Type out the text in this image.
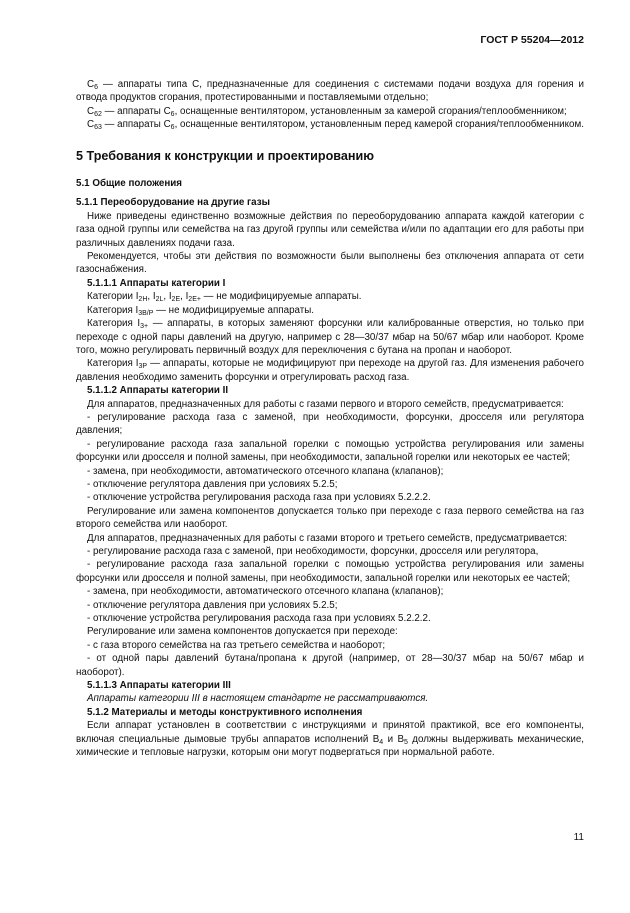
ГОСТ Р 55204—2012

$С_6$ — аппараты типа С, предназначенные для соединения с системами подачи воздуха для горения и отвода продуктов сгорания, протестированными и поставляемыми отдельно;

$С_{62}$ — аппараты $С_6$, оснащенные вентилятором, установленным за камерой сгорания/теплообменником;

$С_{63}$ — аппараты $С_6$, оснащенные вентилятором, установленным перед камерой сгорания/теплообменником.

5 Требования к конструкции и проектированию
5.1 Общие положения
5.1.1 Переоборудование на другие газы

Ниже приведены единственно возможные действия по переоборудованию аппарата каждой категории с газа одной группы или семейства на газ другой группы или семейства и/или по адаптации его для работы при различных давлениях подачи газа.

Рекомендуется, чтобы эти действия по возможности были выполнены без отключения аппарата от сети газоснабжения.

5.1.1.1 Аппараты категории I

Категории $I_{2H}$, $I_{2L}$, $I_{2E}$, $I_{2E+}$ — не модифицируемые аппараты.

Категория $I_{3B/P}$ — не модифицируемые аппараты.

Категория $I_{3+}$ — аппараты, в которых заменяют форсунки или калиброванные отверстия, но только при переходе с одной пары давлений на другую, например с 28—30/37 мбар на 50/67 мбар или наоборот. Кроме того, можно регулировать первичный воздух для переключения с бутана на пропан и наоборот.

Категория $I_{3P}$ — аппараты, которые не модифицируют при переходе на другой газ. Для изменения рабочего давления необходимо заменить форсунки и отрегулировать расход газа.

5.1.1.2 Аппараты категории II

Для аппаратов, предназначенных для работы с газами первого и второго семейств, предусматривается:

- регулирование расхода газа с заменой, при необходимости, форсунки, дросселя или регулятора давления;

- регулирование расхода газа запальной горелки с помощью устройства регулирования или замены форсунки или дросселя и полной замены, при необходимости, запальной горелки или некоторых ее частей;

- замена, при необходимости, автоматического отсечного клапана (клапанов);

- отключение регулятора давления при условиях 5.2.5;

- отключение устройства регулирования расхода газа при условиях 5.2.2.2.

Регулирование или замена компонентов допускается только при переходе с газа первого семейства на газ второго семейства или наоборот.

Для аппаратов, предназначенных для работы с газами второго и третьего семейств, предусматривается:

- регулирование расхода газа с заменой, при необходимости, форсунки, дросселя или регулятора,

- регулирование расхода газа запальной горелки с помощью устройства регулирования или замены форсунки или дросселя и полной замены, при необходимости, запальной горелки или некоторых ее частей;

- замена, при необходимости, автоматического отсечного клапана (клапанов);

- отключение регулятора давления при условиях 5.2.5;

- отключение устройства регулирования расхода газа при условиях 5.2.2.2.

Регулирование или замена компонентов допускается при переходе:

- с газа второго семейства на газ третьего семейства и наоборот;

- от одной пары давлений бутана/пропана к другой (например, от 28—30/37 мбар на 50/67 мбар и наоборот).

5.1.1.3 Аппараты категории III

Аппараты категории III в настоящем стандарте не рассматриваются.

5.1.2 Материалы и методы конструктивного исполнения

Если аппарат установлен в соответствии с инструкциями и принятой практикой, все его компоненты, включая специальные дымовые трубы аппаратов исполнений $B_4$ и $B_5$ должны выдерживать механические, химические и тепловые нагрузки, которым они могут подвергаться при нормальной работе.

11
